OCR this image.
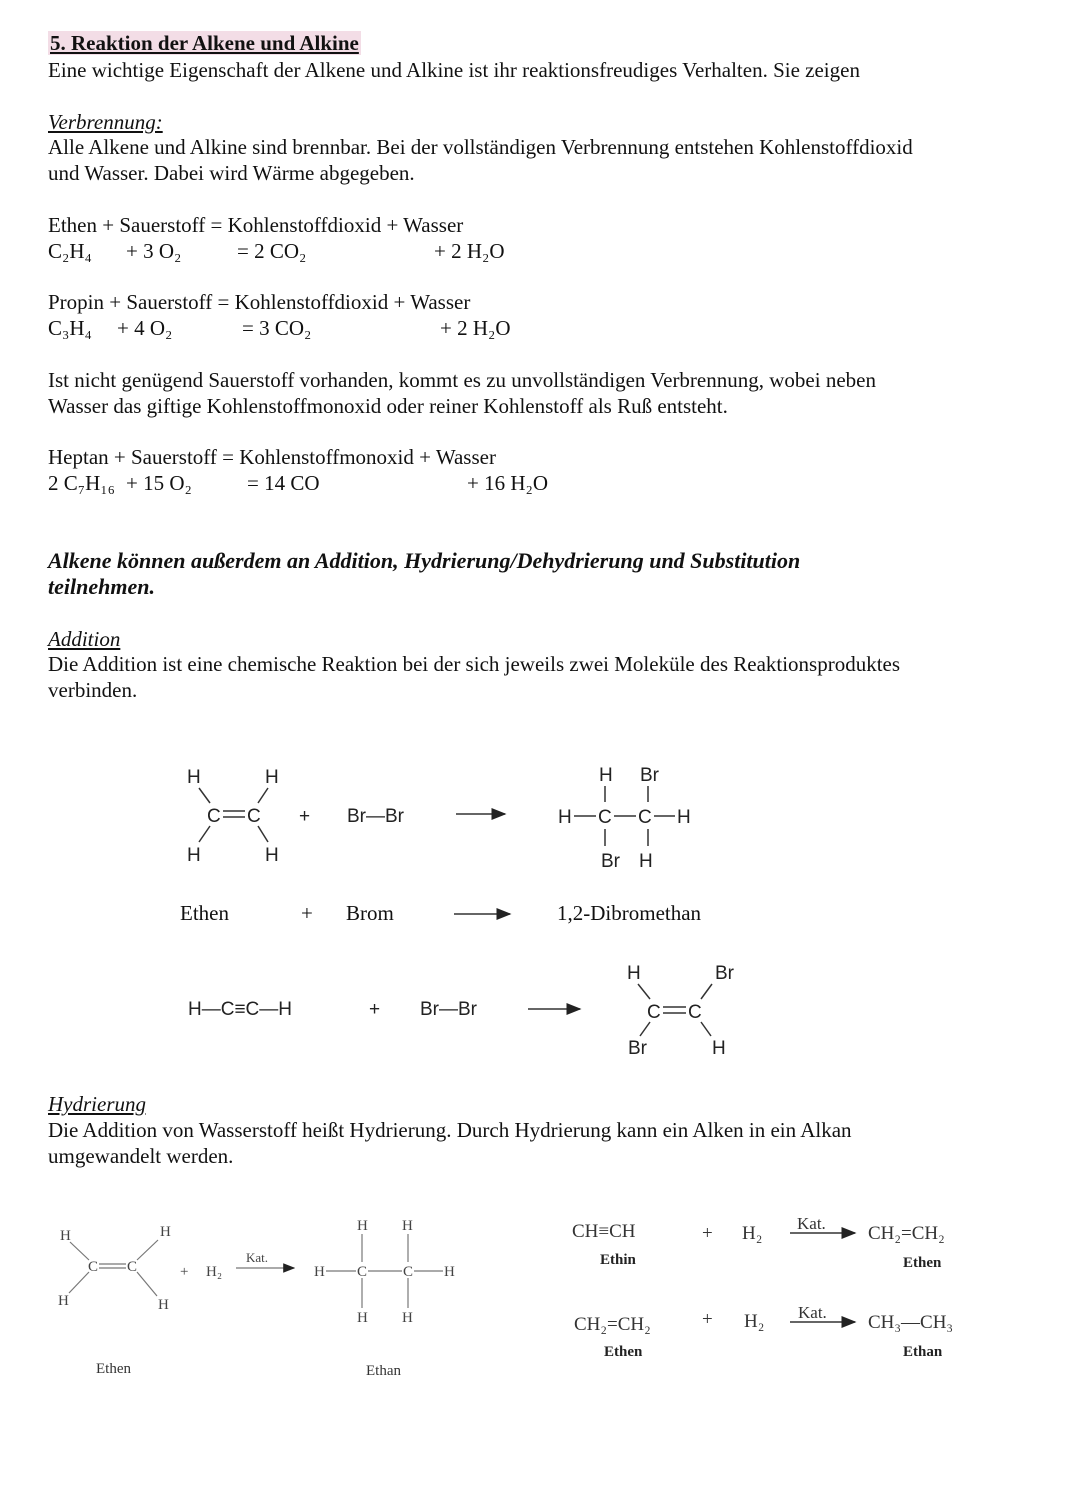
5. Reaktion der Alkene und Alkine

Eine wichtige Eigenschaft der Alkene und Alkine ist ihr reaktionsfreudiges Verhalten. Sie zeigen

Verbrennung:

Alle Alkene und Alkine sind brennbar. Bei der vollständigen Verbrennung entstehen Kohlenstoffdioxid

und Wasser. Dabei wird Wärme abgegeben.

Ethen + Sauerstoff = Kohlenstoffdioxid + Wasser

C₂H₄ + 3 O₂	= 2 CO₂	+ 2 H₂O

Propin + Sauerstoff = Kohlenstoffdioxid + Wasser

C₃H₄ + 4 O₂	= 3 CO₂	+ 2 H₂O

Ist nicht genügend Sauerstoff vorhanden, kommt es zu unvollständigen Verbrennung, wobei neben

Wasser das giftige Kohlenstoffmonoxid oder reiner Kohlenstoff als Ruß entsteht.

Heptan + Sauerstoff = Kohlenstoffmonoxid + Wasser

2 C₇H₁₆ + 15 O₂	= 14 CO	+ 16 H₂O

Alkene können außerdem an Addition, Hydrierung/Dehydrierung und Substitution

teilnehmen.

Addition

Die Addition ist eine chemische Reaktion bei der sich jeweils zwei Moleküle des Reaktionsproduktes

verbinden.

Hydrierung

Die Addition von Wasserstoff heißt Hydrierung. Durch Hydrierung kann ein Alken in ein Alkan

umgewandelt werden.

H	H
C C
H	H
+ Br—Br
H Br
H C C H
Br H
Ethen	+ Brom	1,2-Dibromethan
H—C≡C—H	+ Br—Br
H	Br
C C
Br	H
H	H
C C
H	H
+ H₂
Kat.
H H
H C C H
H H
Ethen	Ethan
CH≡CH
Ethin
+ H₂ Kat. CH₂=CH₂
Ethen
CH₂=CH₂
Ethen
+ H₂ Kat. CH₃—CH₃
Ethan
